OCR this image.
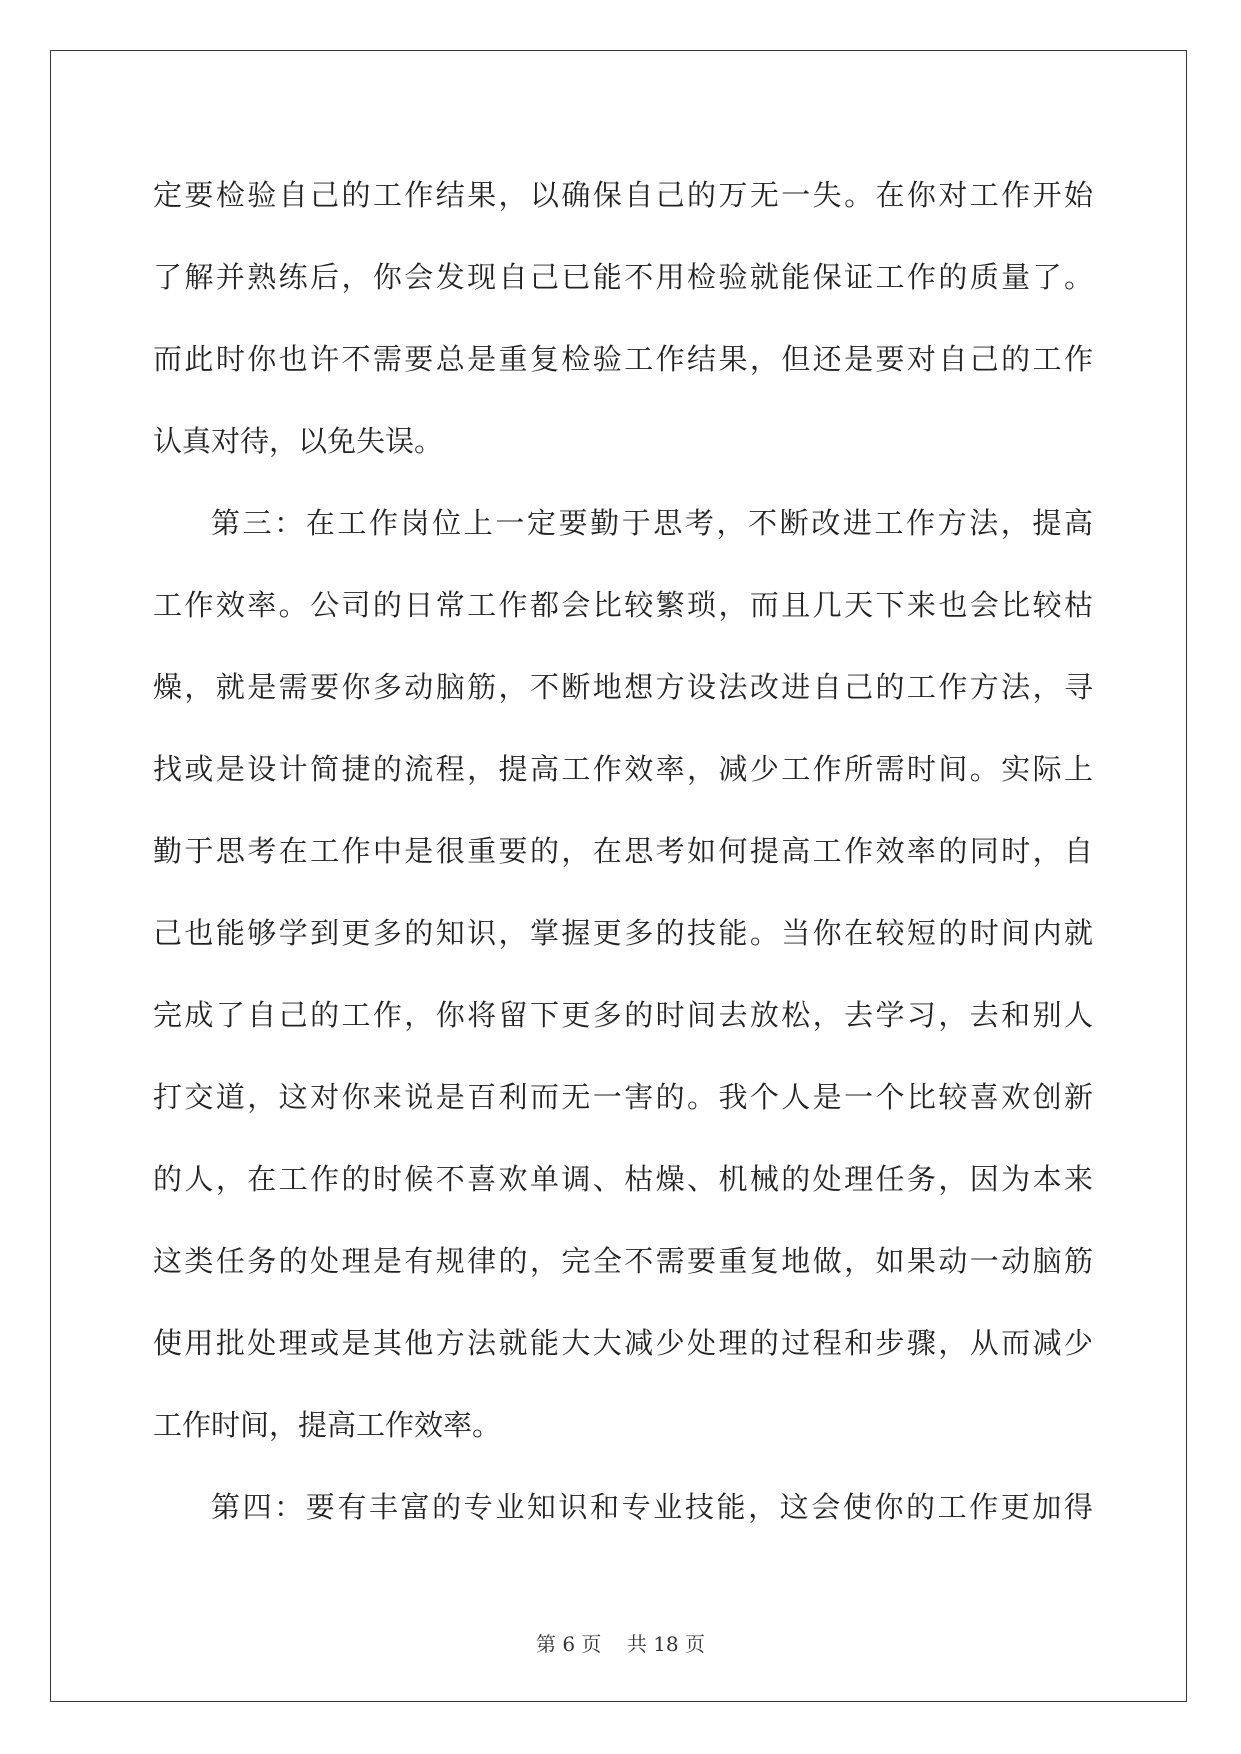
定要检验自己的工作结果，以确保自己的万无一失。在你对工作开始
了解并熟练后，你会发现自己已能不用检验就能保证工作的质量了。
而此时你也许不需要总是重复检验工作结果，但还是要对自己的工作
认真对待，以免失误。
第三：在工作岗位上一定要勤于思考，不断改进工作方法，提高
工作效率。公司的日常工作都会比较繁琐，而且几天下来也会比较枯
燥，就是需要你多动脑筋，不断地想方设法改进自己的工作方法，寻
找或是设计简捷的流程，提高工作效率，减少工作所需时间。实际上
勤于思考在工作中是很重要的，在思考如何提高工作效率的同时，自
己也能够学到更多的知识，掌握更多的技能。当你在较短的时间内就
完成了自己的工作，你将留下更多的时间去放松，去学习，去和别人
打交道，这对你来说是百利而无一害的。我个人是一个比较喜欢创新
的人，在工作的时候不喜欢单调、枯燥、机械的处理任务，因为本来
这类任务的处理是有规律的，完全不需要重复地做，如果动一动脑筋
使用批处理或是其他方法就能大大减少处理的过程和步骤，从而减少
工作时间，提高工作效率。
第四：要有丰富的专业知识和专业技能，这会使你的工作更加得
第 6 页    共 18 页
